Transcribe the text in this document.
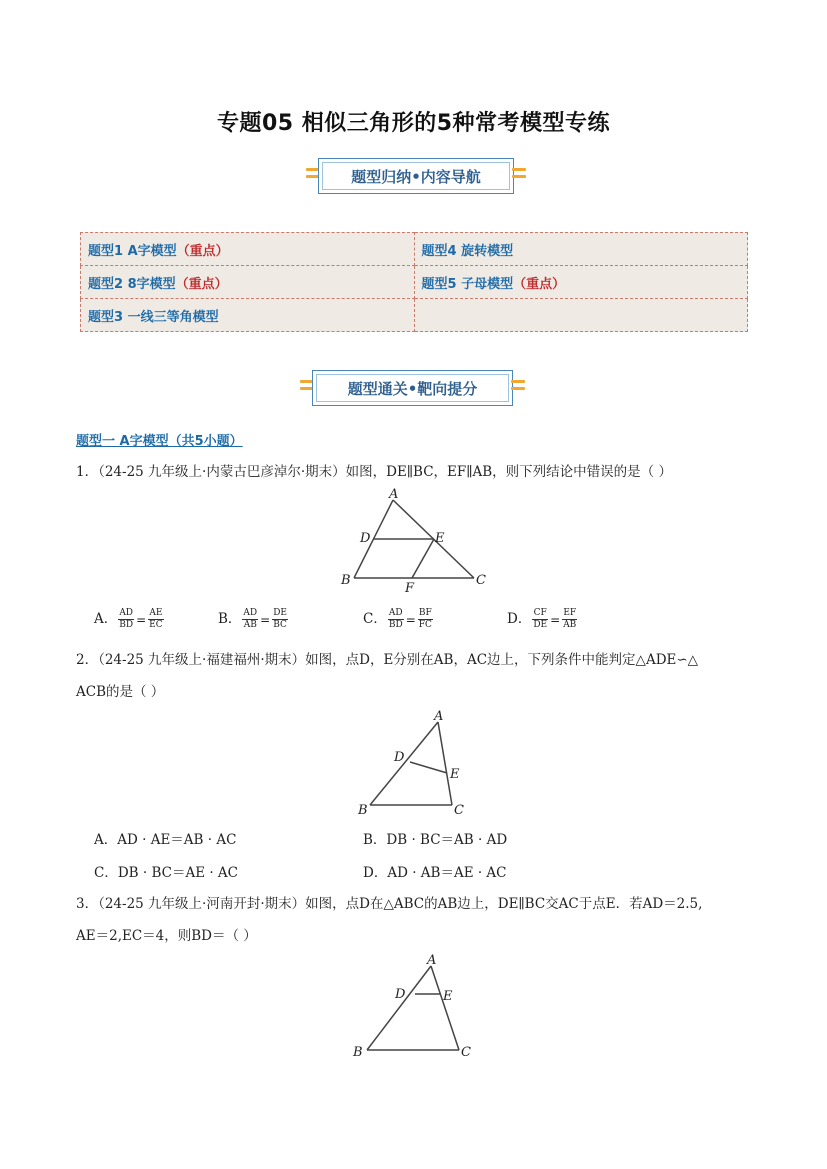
专题05 相似三角形的5种常考模型专练
题型归纳•内容导航
题型1 A字模型（重点）	题型4 旋转模型
题型2 8字模型（重点）	题型5 子母模型（重点）
题型3 一线三等角模型	
题型通关•靶向提分
题型一 A字模型（共5小题）
1．（24-25 九年级上·内蒙古巴彦淖尔·期末）如图，DE∥BC，EF∥AB，则下列结论中错误的是（ ）
A
D	E
B	C
F
A． $\frac{AD}{BD} = \frac{AE}{EC}$	B． $\frac{AD}{AB} = \frac{DE}{BC}$	C． $\frac{AD}{BD} = \frac{BF}{FC}$	D． $\frac{CF}{DE} = \frac{EF}{AB}$
2．（24-25 九年级上·福建福州·期末）如图，点D，E分别在AB，AC边上，下列条件中能判定△ADE∽△
ACB的是（ ）
A
D
E
B	C
A．AD · AE＝AB · AC	B．DB · BC＝AB · AD
C．DB · BC＝AE · AC	D．AD · AB＝AE · AC
3．（24-25 九年级上·河南开封·期末）如图，点D在△ABC的AB边上，DE∥BC交AC于点E．若AD＝2.5,
AE＝2,EC＝4，则BD＝（ ）
A
D	E
B	C
